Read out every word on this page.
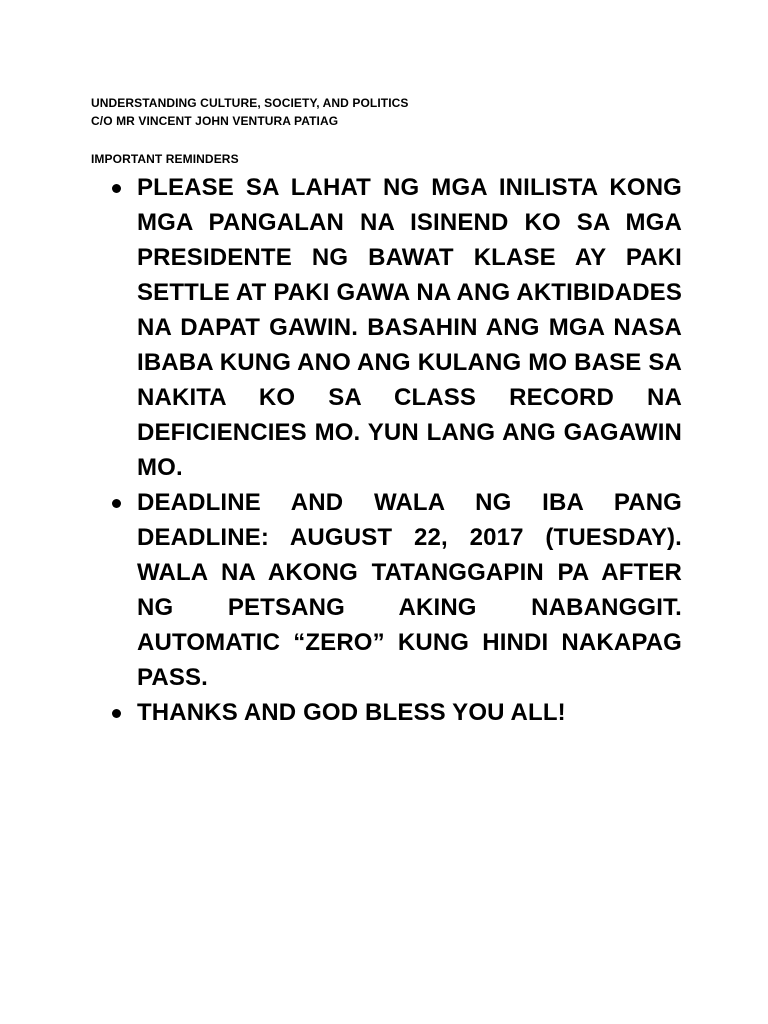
UNDERSTANDING CULTURE, SOCIETY, AND POLITICS
C/O MR VINCENT JOHN VENTURA PATIAG
IMPORTANT REMINDERS
PLEASE SA LAHAT NG MGA INILISTA KONG MGA PANGALAN NA ISINEND KO SA MGA PRESIDENTE NG BAWAT KLASE AY PAKI SETTLE AT PAKI GAWA NA ANG AKTIBIDADES NA DAPAT GAWIN. BASAHIN ANG MGA NASA IBABA KUNG ANO ANG KULANG MO BASE SA NAKITA KO SA CLASS RECORD NA DEFICIENCIES MO. YUN LANG ANG GAGAWIN MO.
DEADLINE AND WALA NG IBA PANG DEADLINE: AUGUST 22, 2017 (TUESDAY). WALA NA AKONG TATANGGAPIN PA AFTER NG PETSANG AKING NABANGGIT. AUTOMATIC “ZERO” KUNG HINDI NAKAPAG PASS.
THANKS AND GOD BLESS YOU ALL!
